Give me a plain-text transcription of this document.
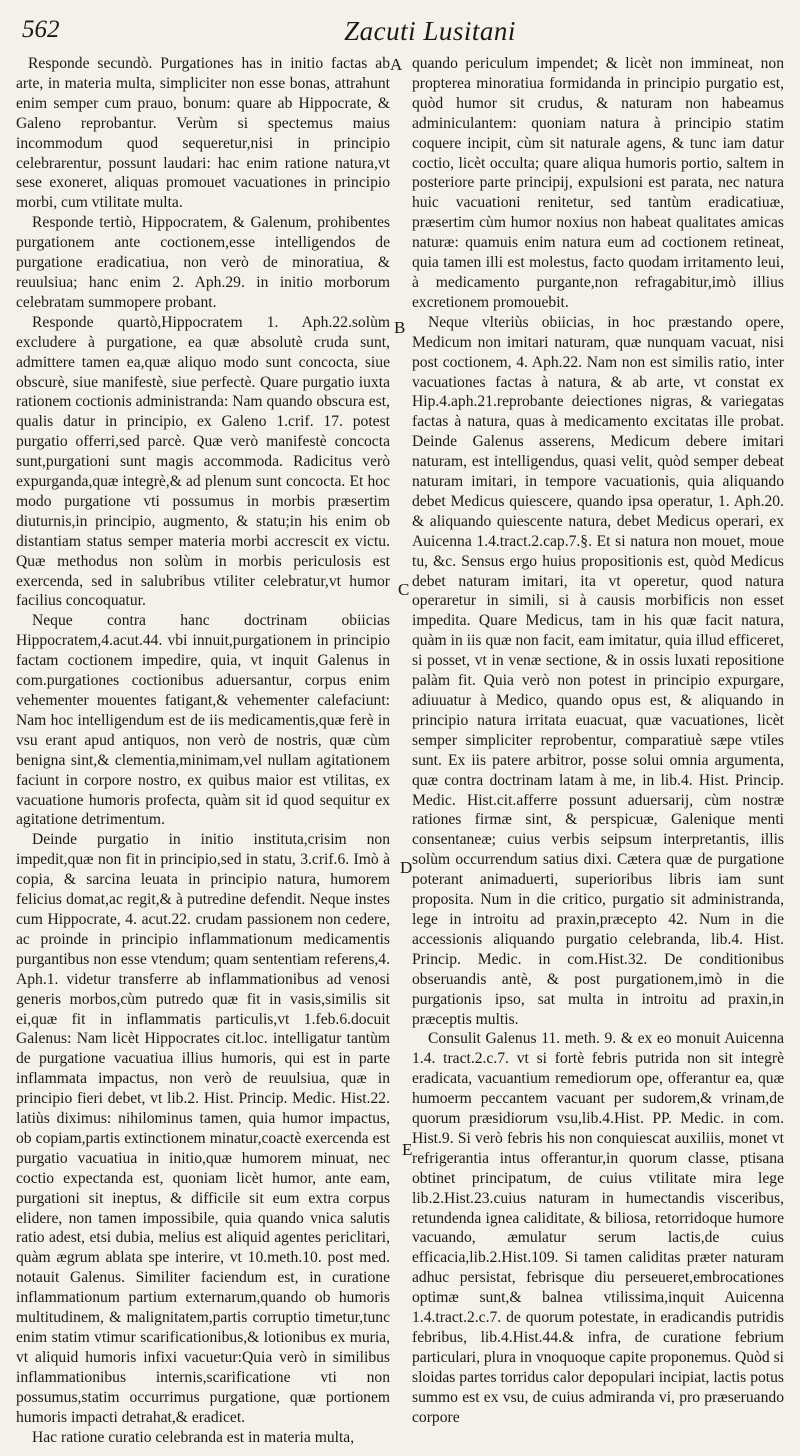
562	Zacuti Lusitani
A
B
C
D
E

Responde secundò. Purgationes has in initio factas ab arte, in materia multa, simpliciter non esse bonas, attrahunt enim semper cum prauo, bonum: quare ab Hippocrate, & Galeno reprobantur. Verùm si spectemus maius incommodum quod sequeretur,nisi in principio celebrarentur, possunt laudari: hac enim ratione natura,vt sese exoneret, aliquas promouet vacuationes in principio morbi, cum vtilitate multa.

Responde tertiò, Hippocratem, & Galenum, prohibentes purgationem ante coctionem,esse intelligendos de purgatione eradicatiua, non verò de minoratiua, & reuulsiua; hanc enim 2. Aph.29. in initio morborum celebratam summopere probant.

Responde quartò,Hippocratem 1. Aph.22.solùm excludere à purgatione, ea quæ absolutè cruda sunt, admittere tamen ea,quæ aliquo modo sunt concocta, siue obscurè, siue manifestè, siue perfectè. Quare purgatio iuxta rationem coctionis administranda: Nam quando obscura est, qualis datur in principio, ex Galeno 1.crif. 17. potest purgatio offerri,sed parcè. Quæ verò manifestè concocta sunt,purgationi sunt magis accommoda. Radicitus verò expurganda,quæ integrè,& ad plenum sunt concocta. Et hoc modo purgatione vti possumus in morbis præsertim diuturnis,in principio, augmento, & statu;in his enim ob distantiam status semper materia morbi accrescit ex victu. Quæ methodus non solùm in morbis periculosis est exercenda, sed in salubribus vtiliter celebratur,vt humor facilius concoquatur.

Neque contra hanc doctrinam obiicias Hippocratem,4.acut.44. vbi innuit,purgationem in principio factam coctionem impedire, quia, vt inquit Galenus in com.purgationes coctionibus aduersantur, corpus enim vehementer mouentes fatigant,& vehementer calefaciunt: Nam hoc intelligendum est de iis medicamentis,quæ ferè in vsu erant apud antiquos, non verò de nostris, quæ cùm benigna sint,& clementia,minimam,vel nullam agitationem faciunt in corpore nostro, ex quibus maior est vtilitas, ex vacuatione humoris profecta, quàm sit id quod sequitur ex agitatione detrimentum.

Deinde purgatio in initio instituta,crisim non impedit,quæ non fit in principio,sed in statu, 3.crif.6. Imò à copia, & sarcina leuata in principio natura, humorem felicius domat,ac regit,& à putredine defendit. Neque instes cum Hippocrate, 4. acut.22. crudam passionem non cedere, ac proinde in principio inflammationum medicamentis purgantibus non esse vtendum; quam sententiam referens,4. Aph.1. videtur transferre ab inflammationibus ad venosi generis morbos,cùm putredo quæ fit in vasis,similis sit ei,quæ fit in inflammatis particulis,vt 1.feb.6.docuit Galenus: Nam licèt Hippocrates cit.loc. intelligatur tantùm de purgatione vacuatiua illius humoris, qui est in parte inflammata impactus, non verò de reuulsiua, quæ in principio fieri debet, vt lib.2. Hist. Princip. Medic. Hist.22. latiùs diximus: nihilominus tamen, quia humor impactus, ob copiam,partis extinctionem minatur,coactè exercenda est purgatio vacuatiua in initio,quæ humorem minuat, nec coctio expectanda est, quoniam licèt humor, ante eam, purgationi sit ineptus, & difficile sit eum extra corpus elidere, non tamen impossibile, quia quando vnica salutis ratio adest, etsi dubia, melius est aliquid agentes periclitari, quàm ægrum ablata spe interire, vt 10.meth.10. post med. notauit Galenus. Similiter faciendum est, in curatione inflammationum partium externarum,quando ob humoris multitudinem, & malignitatem,partis corruptio timetur,tunc enim statim vtimur scarificationibus,& lotionibus ex muria, vt aliquid humoris infixi vacuetur:Quia verò in similibus inflammationibus internis,scarificatione vti non possumus,statim occurrimus purgatione, quæ portionem humoris impacti detrahat,& eradicet.

Hac ratione curatio celebranda est in materia multa,

quando periculum impendet; & licèt non immineat, non propterea minoratiua formidanda in principio purgatio est, quòd humor sit crudus, & naturam non habeamus adminiculantem: quoniam natura à principio statim coquere incipit, cùm sit naturale agens, & tunc iam datur coctio, licèt occulta; quare aliqua humoris portio, saltem in posteriore parte principij, expulsioni est parata, nec natura huic vacuationi renitetur, sed tantùm eradicatiuæ, præsertim cùm humor noxius non habeat qualitates amicas naturæ: quamuis enim natura eum ad coctionem retineat, quia tamen illi est molestus, facto quodam irritamento leui, à medicamento purgante,non refragabitur,imò illius excretionem promouebit.

Neque vlteriùs obiicias, in hoc præstando opere, Medicum non imitari naturam, quæ nunquam vacuat, nisi post coctionem, 4. Aph.22. Nam non est similis ratio, inter vacuationes factas à natura, & ab arte, vt constat ex Hip.4.aph.21.reprobante deiectiones nigras, & variegatas factas à natura, quas à medicamento excitatas ille probat. Deinde Galenus asserens, Medicum debere imitari naturam, est intelligendus, quasi velit, quòd semper debeat naturam imitari, in tempore vacuationis, quia aliquando debet Medicus quiescere, quando ipsa operatur, 1. Aph.20. & aliquando quiescente natura, debet Medicus operari, ex Auicenna 1.4.tract.2.cap.7.§. Et si natura non mouet, moue tu, &c. Sensus ergo huius propositionis est, quòd Medicus debet naturam imitari, ita vt operetur, quod natura operaretur in simili, si à causis morbificis non esset impedita. Quare Medicus, tam in his quæ facit natura, quàm in iis quæ non facit, eam imitatur, quia illud efficeret, si posset, vt in venæ sectione, & in ossis luxati repositione palàm fit. Quia verò non potest in principio expurgare, adiuuatur à Medico, quando opus est, & aliquando in principio natura irritata euacuat, quæ vacuationes, licèt semper simpliciter reprobentur, comparatiuè sæpe vtiles sunt. Ex iis patere arbitror, posse solui omnia argumenta, quæ contra doctrinam latam à me, in lib.4. Hist. Princip. Medic. Hist.cit.afferre possunt aduersarij, cùm nostræ rationes firmæ sint, & perspicuæ, Galenique menti consentaneæ; cuius verbis seipsum interpretantis, illis solùm occurrendum satius dixi. Cætera quæ de purgatione poterant animaduerti, superioribus libris iam sunt proposita. Num in die critico, purgatio sit administranda, lege in introitu ad praxin,præcepto 42. Num in die accessionis aliquando purgatio celebranda, lib.4. Hist. Princip. Medic. in com.Hist.32. De conditionibus obseruandis antè, & post purgationem,imò in die purgationis ipso, sat multa in introitu ad praxin,in præceptis multis.

Consulit Galenus 11. meth. 9. & ex eo monuit Auicenna 1.4. tract.2.c.7. vt si fortè febris putrida non sit integrè eradicata, vacuantium remediorum ope, offerantur ea, quæ humoerm peccantem vacuant per sudorem,& vrinam,de quorum præsidiorum vsu,lib.4.Hist. PP. Medic. in com. Hist.9. Si verò febris his non conquiescat auxiliis, monet vt refrigerantia intus offerantur,in quorum classe, ptisana obtinet principatum, de cuius vtilitate mira lege lib.2.Hist.23.cuius naturam in humectandis visceribus, retundenda ignea caliditate, & biliosa, retorridoque humore vacuando, æmulatur serum lactis,de cuius efficacia,lib.2.Hist.109. Si tamen caliditas præter naturam adhuc persistat, febrisque diu perseueret,embrocationes optimæ sunt,& balnea vtilissima,inquit Auicenna 1.4.tract.2.c.7. de quorum potestate, in eradicandis putridis febribus, lib.4.Hist.44.& infra, de curatione febrium particulari, plura in vnoquoque capite proponemus. Quòd si sloidas partes torridus calor depopulari incipiat, lactis potus summo est ex vsu, de cuius admiranda vi, pro præseruando corpore
